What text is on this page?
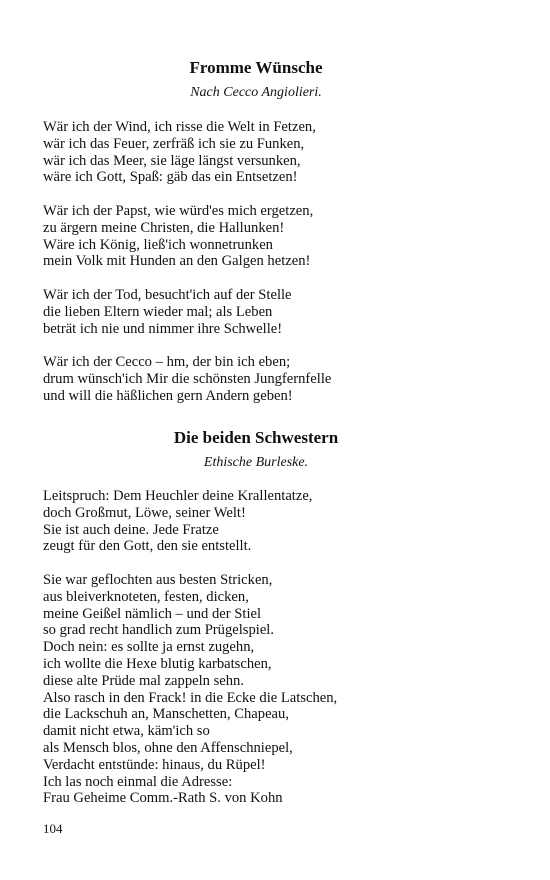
Fromme Wünsche

Nach Cecco Angiolieri.

Wär ich der Wind, ich risse die Welt in Fetzen,
wär ich das Feuer, zerfräß ich sie zu Funken,
wär ich das Meer, sie läge längst versunken,
wäre ich Gott, Spaß: gäb das ein Entsetzen!
Wär ich der Papst, wie würd'es mich ergetzen,
zu ärgern meine Christen, die Hallunken!
Wäre ich König, ließ'ich wonnetrunken
mein Volk mit Hunden an den Galgen hetzen!
Wär ich der Tod, besucht'ich auf der Stelle
die lieben Eltern wieder mal; als Leben
beträt ich nie und nimmer ihre Schwelle!
Wär ich der Cecco – hm, der bin ich eben;
drum wünsch'ich Mir die schönsten Jungfernfelle
und will die häßlichen gern Andern geben!
Die beiden Schwestern

Ethische Burleske.

Leitspruch: Dem Heuchler deine Krallentatze,
doch Großmut, Löwe, seiner Welt!
Sie ist auch deine. Jede Fratze
zeugt für den Gott, den sie entstellt.
Sie war geflochten aus besten Stricken,
aus bleiverknoteten, festen, dicken,
meine Geißel nämlich – und der Stiel
so grad recht handlich zum Prügelspiel.
Doch nein: es sollte ja ernst zugehn,
ich wollte die Hexe blutig karbatschen,
diese alte Prüde mal zappeln sehn.
Also rasch in den Frack! in die Ecke die Latschen,
die Lackschuh an, Manschetten, Chapeau,
damit nicht etwa, käm'ich so
als Mensch blos, ohne den Affenschniepel,
Verdacht entstünde: hinaus, du Rüpel!
Ich las noch einmal die Adresse:
Frau Geheime Comm.-Rath S. von Kohn
104
